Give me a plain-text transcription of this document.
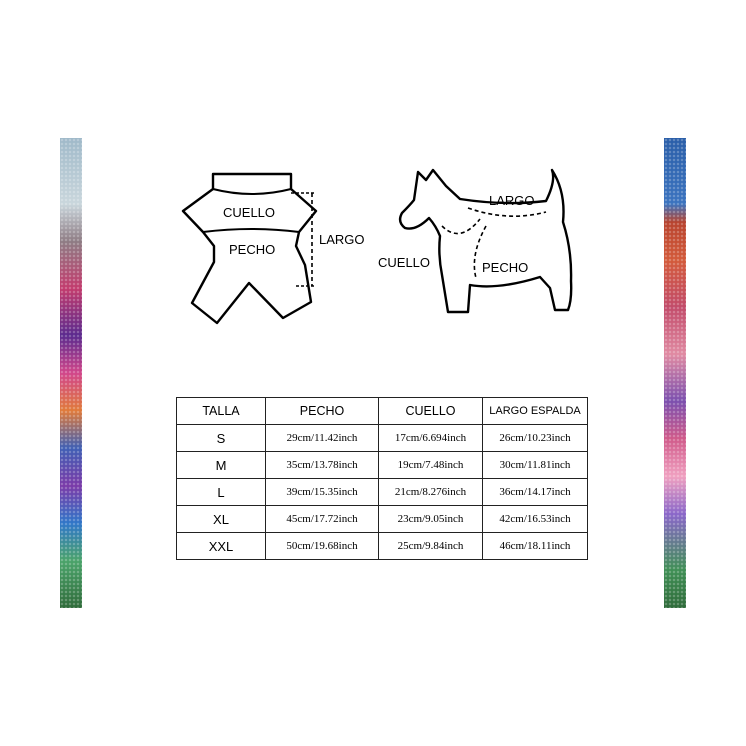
CUELLO
PECHO
LARGO
LARGO
CUELLO	PECHO
TALLA	PECHO	CUELLO	LARGO ESPALDA
S	29cm/11.42inch	17cm/6.694inch	26cm/10.23inch
M	35cm/13.78inch	19cm/7.48inch	30cm/11.81inch
L	39cm/15.35inch	21cm/8.276inch	36cm/14.17inch
XL	45cm/17.72inch	23cm/9.05inch	42cm/16.53inch
XXL	50cm/19.68inch	25cm/9.84inch	46cm/18.11inch
